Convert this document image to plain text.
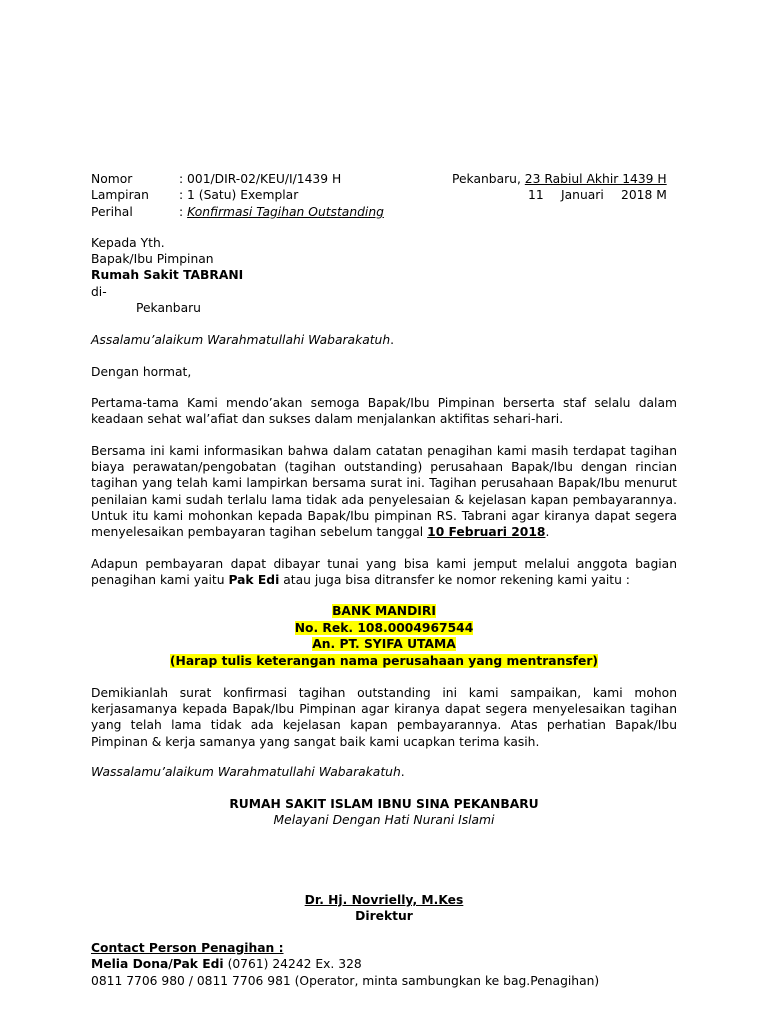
Nomor	: 001/DIR-02/KEU/I/1439 H
Lampiran : 1 (Satu) Exemplar
Perihal	: Konfirmasi Tagihan Outstanding
Pekanbaru, 23 Rabiul Akhir 1439 H
11 Januari 2018 M
Kepada Yth.
Bapak/Ibu Pimpinan
Rumah Sakit TABRANI
di-
Pekanbaru
Assalamu’alaikum Warahmatullahi Wabarakatuh.
Dengan hormat,
Pertama-tama Kami mendo’akan semoga Bapak/Ibu Pimpinan berserta staf selalu dalam keadaan sehat wal’afiat dan sukses dalam menjalankan aktifitas sehari-hari.
Bersama ini kami informasikan bahwa dalam catatan penagihan kami masih terdapat tagihan biaya perawatan/pengobatan (tagihan outstanding) perusahaan Bapak/Ibu dengan rincian tagihan yang telah kami lampirkan bersama surat ini. Tagihan perusahaan Bapak/Ibu menurut penilaian kami sudah terlalu lama tidak ada penyelesaian & kejelasan kapan pembayarannya. Untuk itu kami mohonkan kepada Bapak/Ibu pimpinan RS. Tabrani agar kiranya dapat segera menyelesaikan pembayaran tagihan sebelum tanggal 10 Februari 2018.
Adapun pembayaran dapat dibayar tunai yang bisa kami jemput melalui anggota bagian penagihan kami yaitu Pak Edi atau juga bisa ditransfer ke nomor rekening kami yaitu :
BANK MANDIRI
No. Rek. 108.0004967544
An. PT. SYIFA UTAMA
(Harap tulis keterangan nama perusahaan yang mentransfer)
Demikianlah surat konfirmasi tagihan outstanding ini kami sampaikan, kami mohon kerjasamanya kepada Bapak/Ibu Pimpinan agar kiranya dapat segera menyelesaikan tagihan yang telah lama tidak ada kejelasan kapan pembayarannya. Atas perhatian Bapak/Ibu Pimpinan & kerja samanya yang sangat baik kami ucapkan terima kasih.
Wassalamu’alaikum Warahmatullahi Wabarakatuh.
RUMAH SAKIT ISLAM IBNU SINA PEKANBARU
Melayani Dengan Hati Nurani Islami
Dr. Hj. Novrielly, M.Kes
Direktur
Contact Person Penagihan :
Melia Dona/Pak Edi (0761) 24242 Ex. 328
0811 7706 980 / 0811 7706 981 (Operator, minta sambungkan ke bag.Penagihan)
